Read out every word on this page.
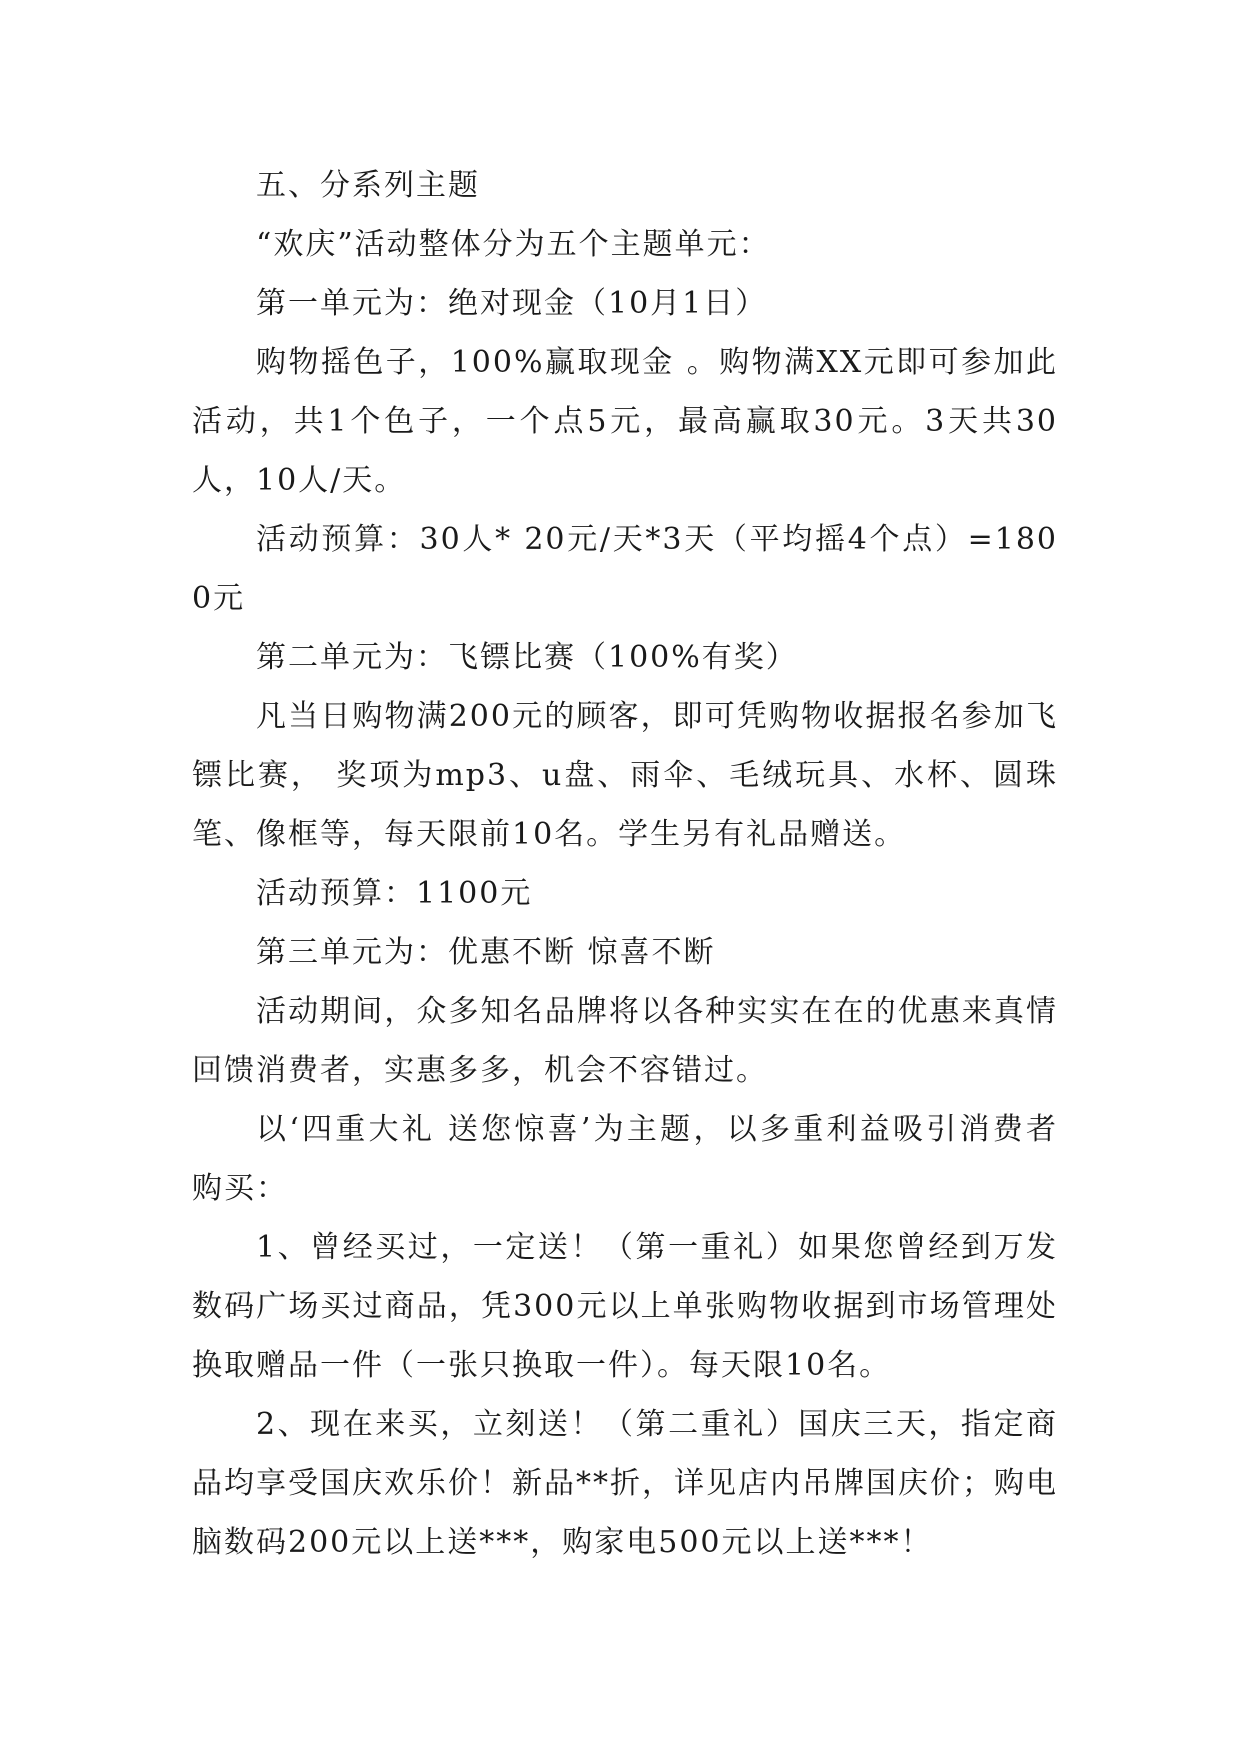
五、分系列主题

“欢庆”活动整体分为五个主题单元：

第一单元为：绝对现金（10月1日）

购物摇色子，100%赢取现金 。购物满XX元即可参加此活动，共1个色子，一个点5元，最高赢取30元。3天共30人，10人/天。

活动预算：30人* 20元/天*3天（平均摇4个点）=1800元

第二单元为：飞镖比赛（100%有奖）

凡当日购物满200元的顾客，即可凭购物收据报名参加飞镖比赛， 奖项为mp3、u盘、雨伞、毛绒玩具、水杯、圆珠笔、像框等，每天限前10名。学生另有礼品赠送。

活动预算：1100元

第三单元为：优惠不断 惊喜不断

活动期间，众多知名品牌将以各种实实在在的优惠来真情回馈消费者，实惠多多，机会不容错过。

以‘四重大礼 送您惊喜’为主题，以多重利益吸引消费者购买：

1、曾经买过，一定送！（第一重礼）如果您曾经到万发数码广场买过商品，凭300元以上单张购物收据到市场管理处换取赠品一件（一张只换取一件）。每天限10名。

2、现在来买，立刻送！（第二重礼）国庆三天，指定商品均享受国庆欢乐价！新品**折，详见店内吊牌国庆价；购电脑数码200元以上送***，购家电500元以上送***！
